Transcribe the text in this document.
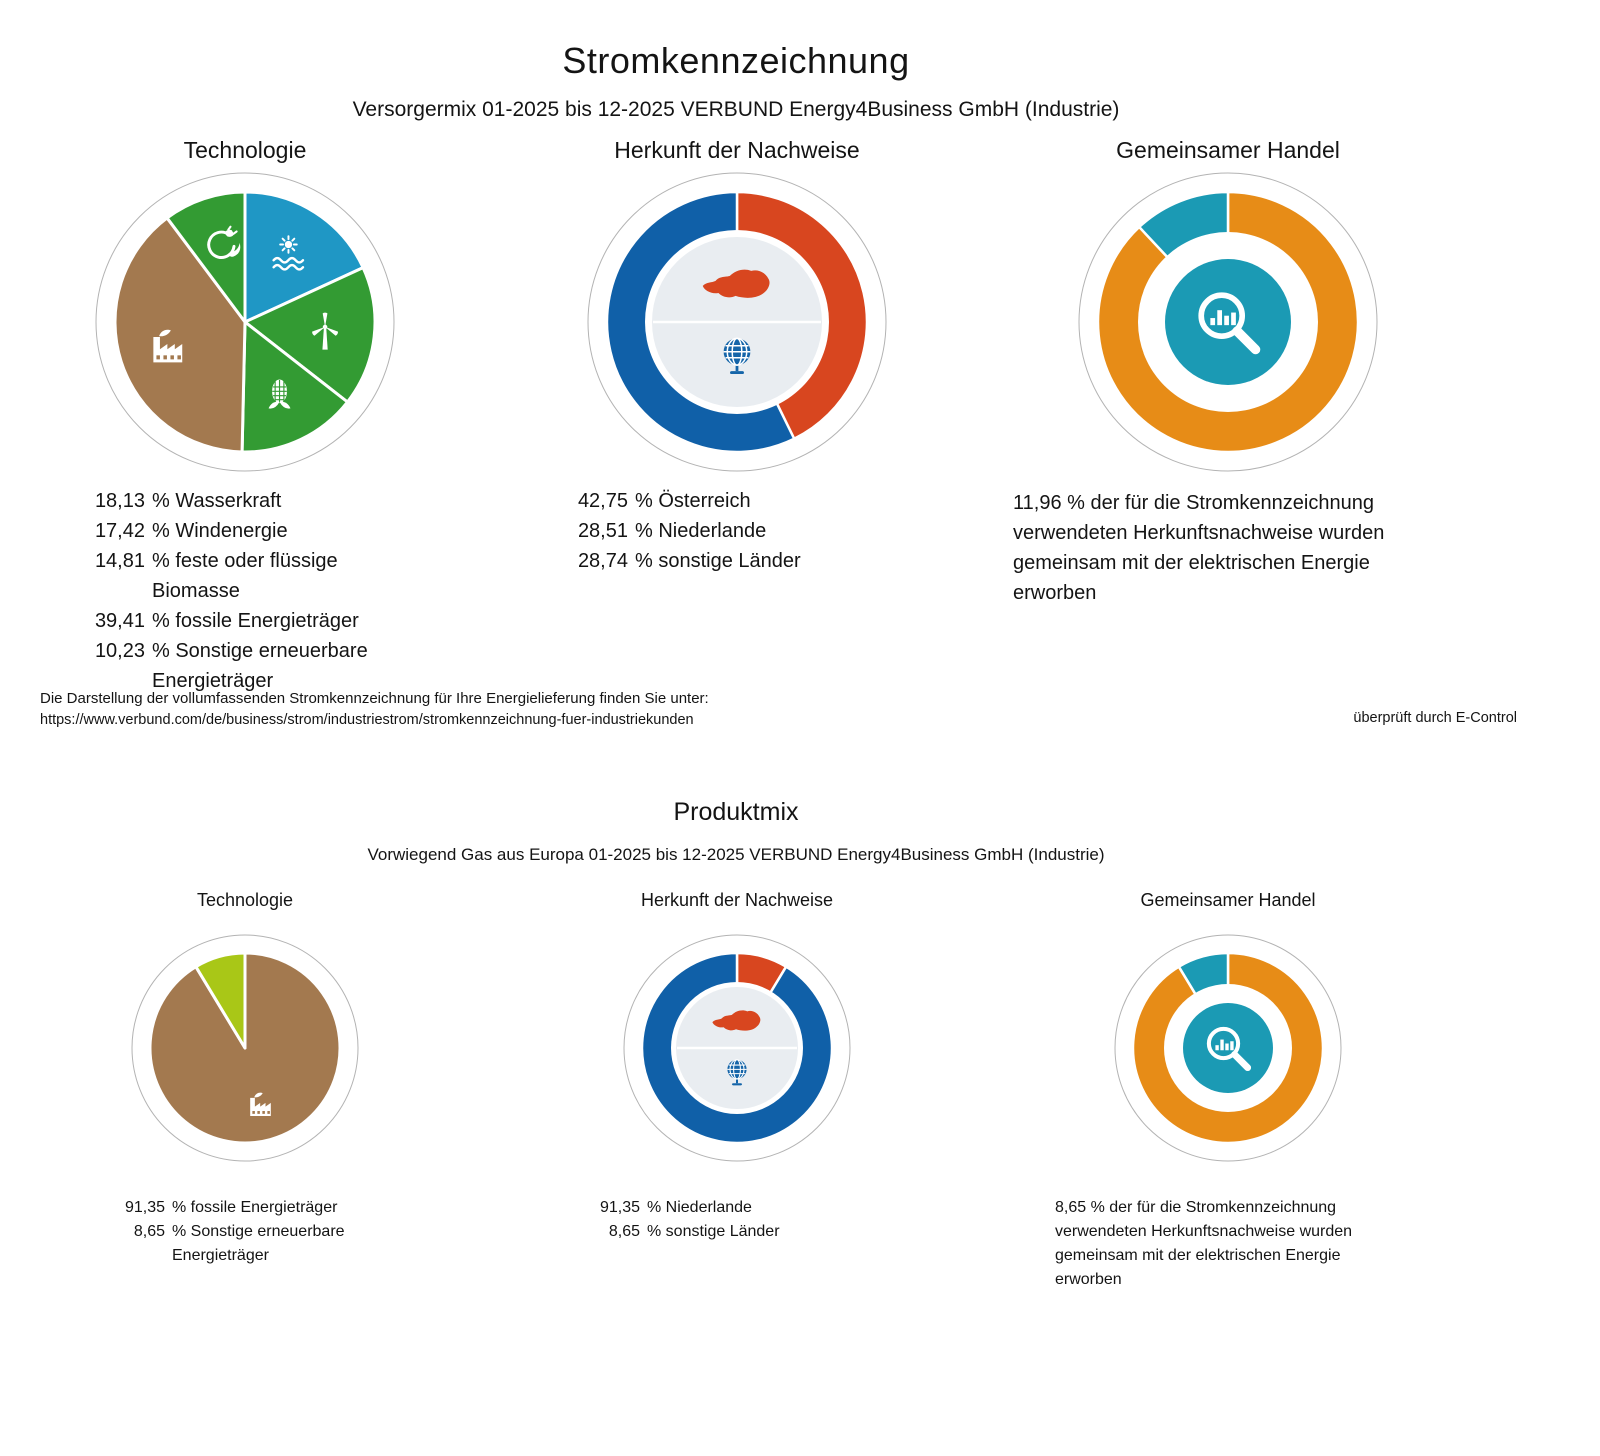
Stromkennzeichnung
Versorgermix 01-2025 bis 12-2025 VERBUND Energy4Business GmbH (Industrie)
Technologie	Herkunft der Nachweise	Gemeinsamer Handel
18,13 % Wasserkraft
17,42 % Windenergie
14,81 % feste oder flüssige Biomasse
39,41 % fossile Energieträger
10,23 % Sonstige erneuerbare Energieträger
42,75 % Österreich
28,51 % Niederlande
28,74 % sonstige Länder

11,96 % der für die Stromkennzeichnung verwendeten Herkunftsnachweise wurden gemeinsam mit der elektrischen Energie erworben

Die Darstellung der vollumfassenden Stromkennzeichnung für Ihre Energielieferung finden Sie unter:
https://www.verbund.com/de/business/strom/industriestrom/stromkennzeichnung-fuer-industriekunden	überprüft durch E-Control
Produktmix
Vorwiegend Gas aus Europa 01-2025 bis 12-2025 VERBUND Energy4Business GmbH (Industrie)
Technologie	Herkunft der Nachweise	Gemeinsamer Handel
91,35 % fossile Energieträger
8,65 % Sonstige erneuerbare Energieträger
91,35 % Niederlande
8,65 % sonstige Länder

8,65 % der für die Stromkennzeichnung verwendeten Herkunftsnachweise wurden gemeinsam mit der elektrischen Energie erworben
